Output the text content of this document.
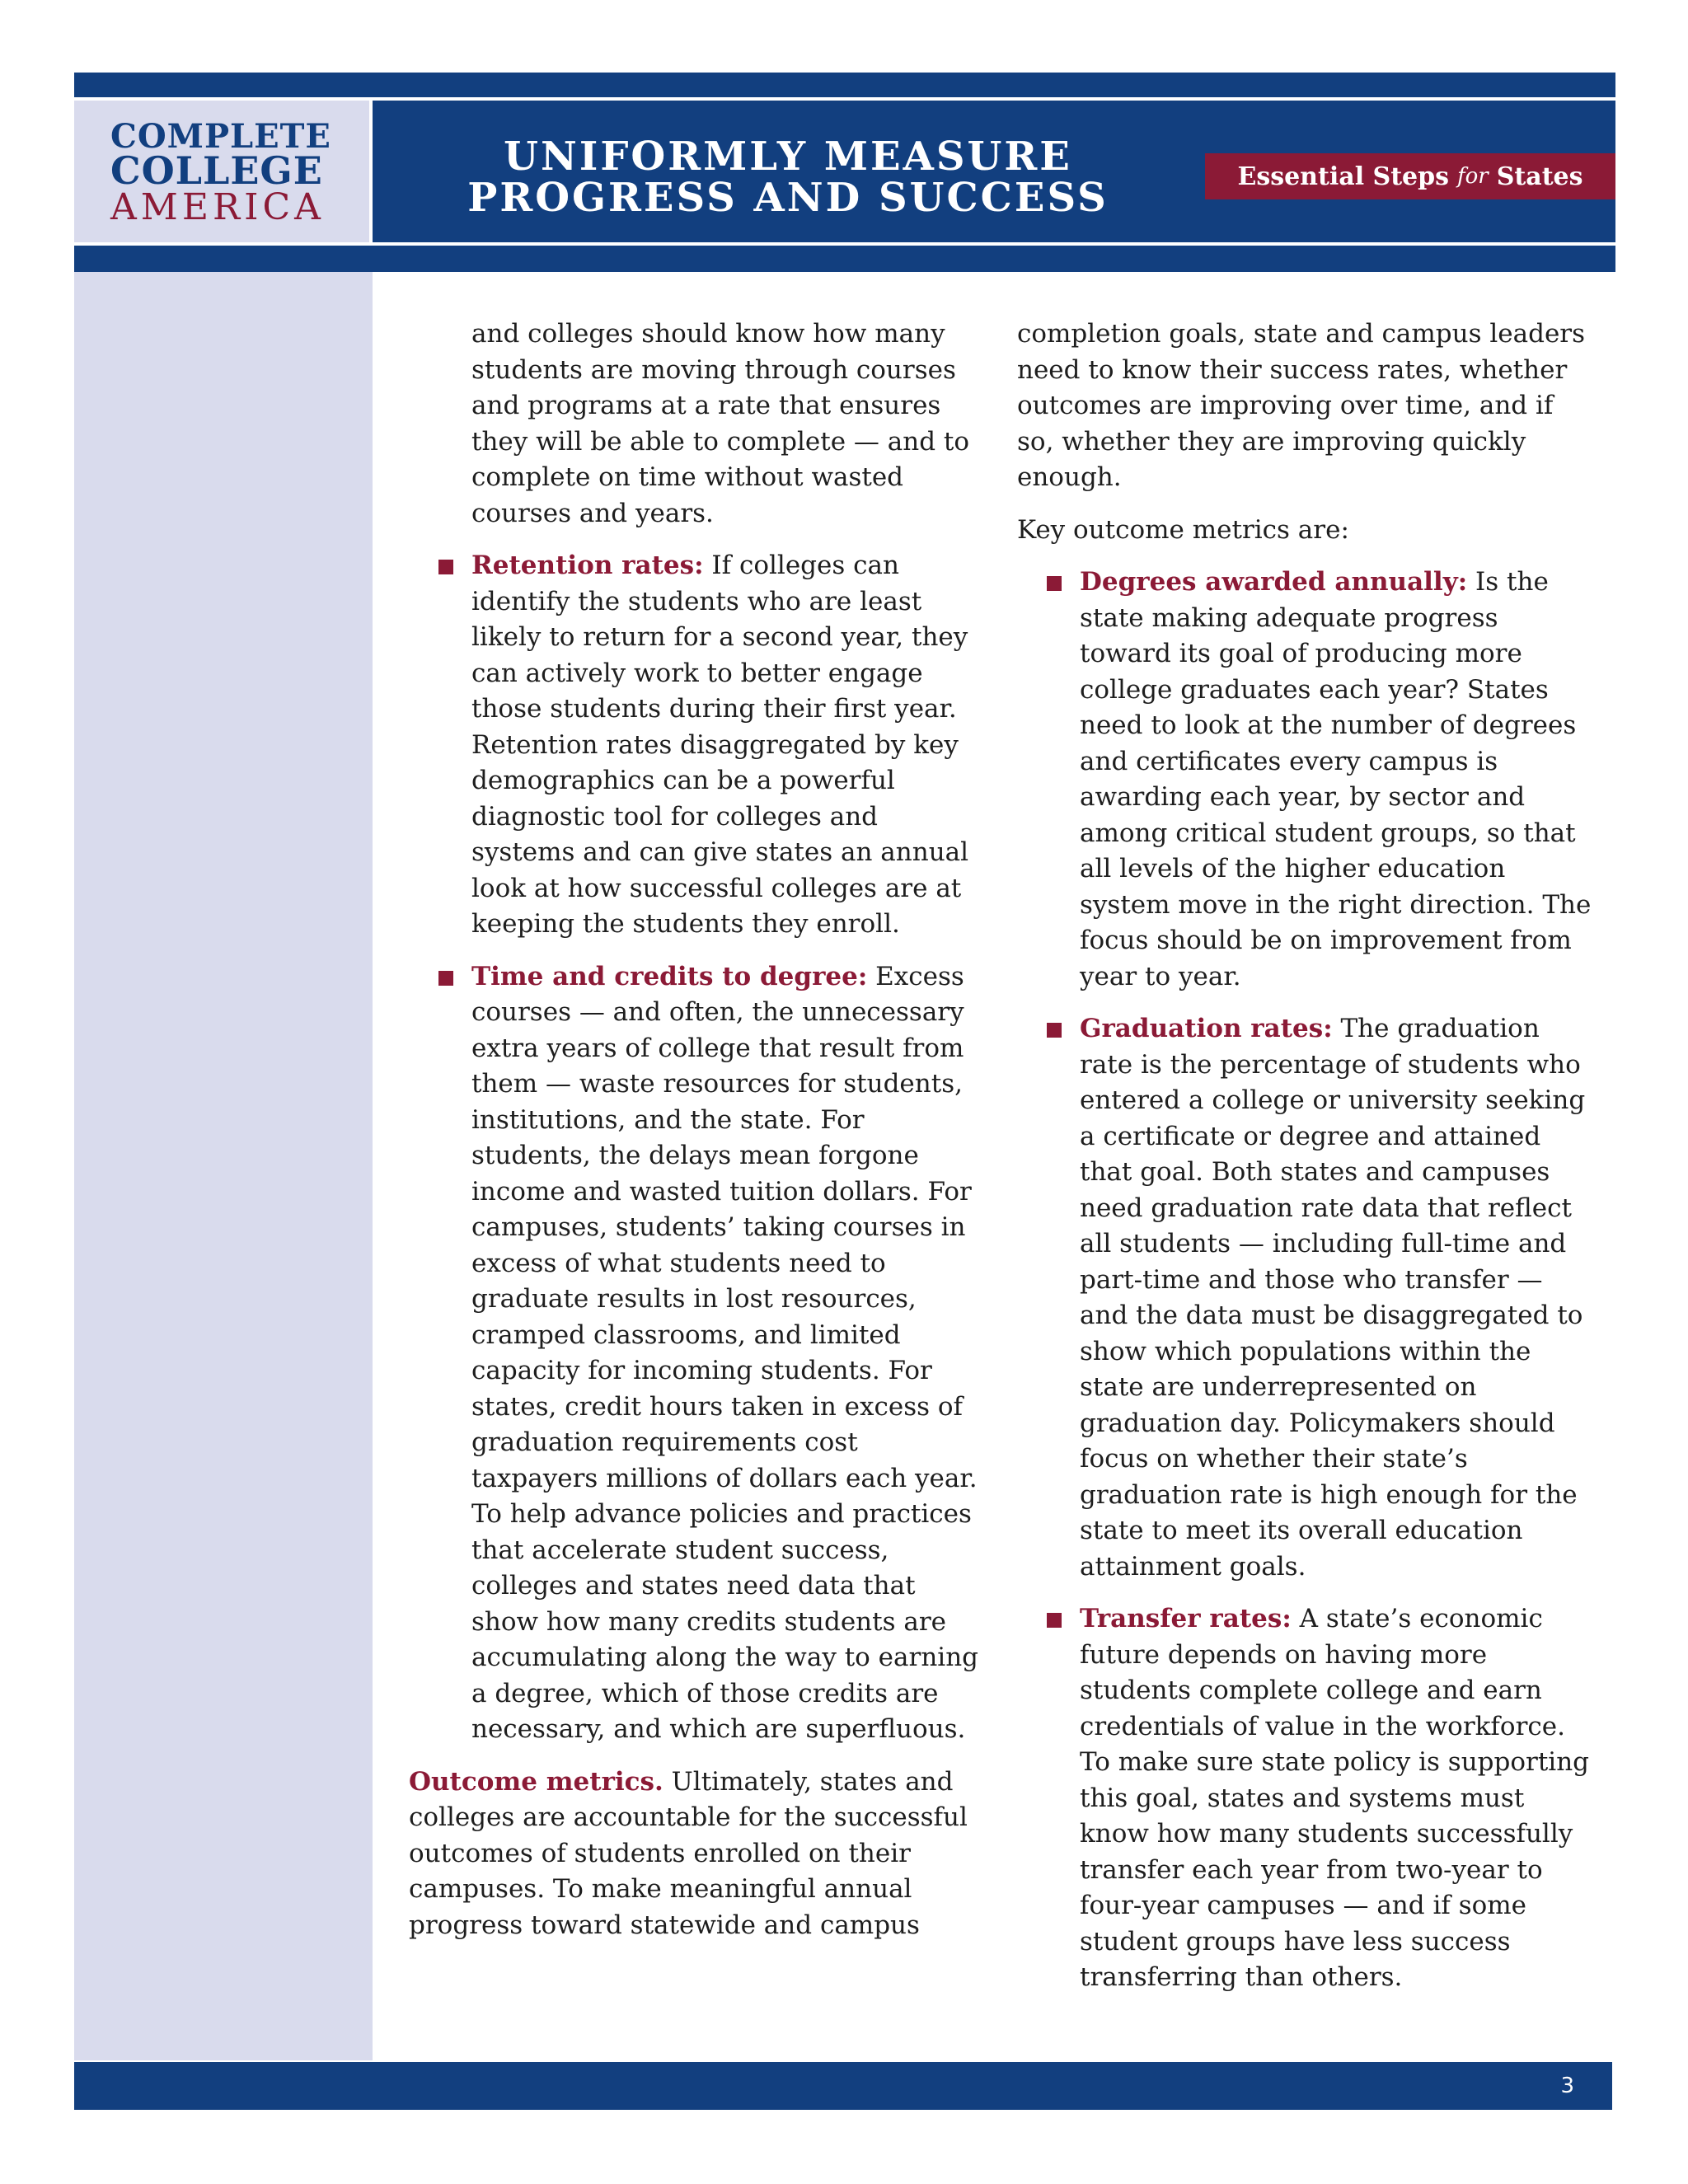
COMPLETE
COLLEGE
AMERICA
UNIFORMLY MEASURE
PROGRESS AND SUCCESS	Essential Steps for States

and colleges should know how many students are moving through courses and programs at a rate that ensures they will be able to complete — and to complete on time without wasted courses and years.

Retention rates: If colleges can identify the students who are least likely to return for a second year, they can actively work to better engage those students during their first year. Retention rates disaggregated by key demographics can be a powerful diagnostic tool for colleges and systems and can give states an annual look at how successful colleges are at keeping the students they enroll.
Time and credits to degree: Excess courses — and often, the unnecessary extra years of college that result from them — waste resources for students, institutions, and the state. For students, the delays mean forgone income and wasted tuition dollars. For campuses, students’ taking courses in excess of what students need to graduate results in lost resources, cramped classrooms, and limited capacity for incoming students. For states, credit hours taken in excess of graduation requirements cost taxpayers millions of dollars each year. To help advance policies and practices that accelerate student success, colleges and states need data that show how many credits students are accumulating along the way to earning a degree, which of those credits are necessary, and which are superfluous.

Outcome metrics. Ultimately, states and colleges are accountable for the successful outcomes of students enrolled on their campuses. To make meaningful annual progress toward statewide and campus

completion goals, state and campus leaders need to know their success rates, whether outcomes are improving over time, and if so, whether they are improving quickly enough.

Key outcome metrics are:

Degrees awarded annually: Is the state making adequate progress toward its goal of producing more college graduates each year? States need to look at the number of degrees and certificates every campus is awarding each year, by sector and among critical student groups, so that all levels of the higher education system move in the right direction. The focus should be on improvement from year to year.
Graduation rates: The graduation rate is the percentage of students who entered a college or university seeking a certificate or degree and attained that goal. Both states and campuses need graduation rate data that reflect all students — including full-time and part-time and those who transfer — and the data must be disaggregated to show which populations within the state are underrepresented on graduation day. Policymakers should focus on whether their state’s graduation rate is high enough for the state to meet its overall education attainment goals.
Transfer rates: A state’s economic future depends on having more students complete college and earn credentials of value in the workforce. To make sure state policy is supporting this goal, states and systems must know how many students successfully transfer each year from two-year to four-year campuses — and if some student groups have less success transferring than others.
3
